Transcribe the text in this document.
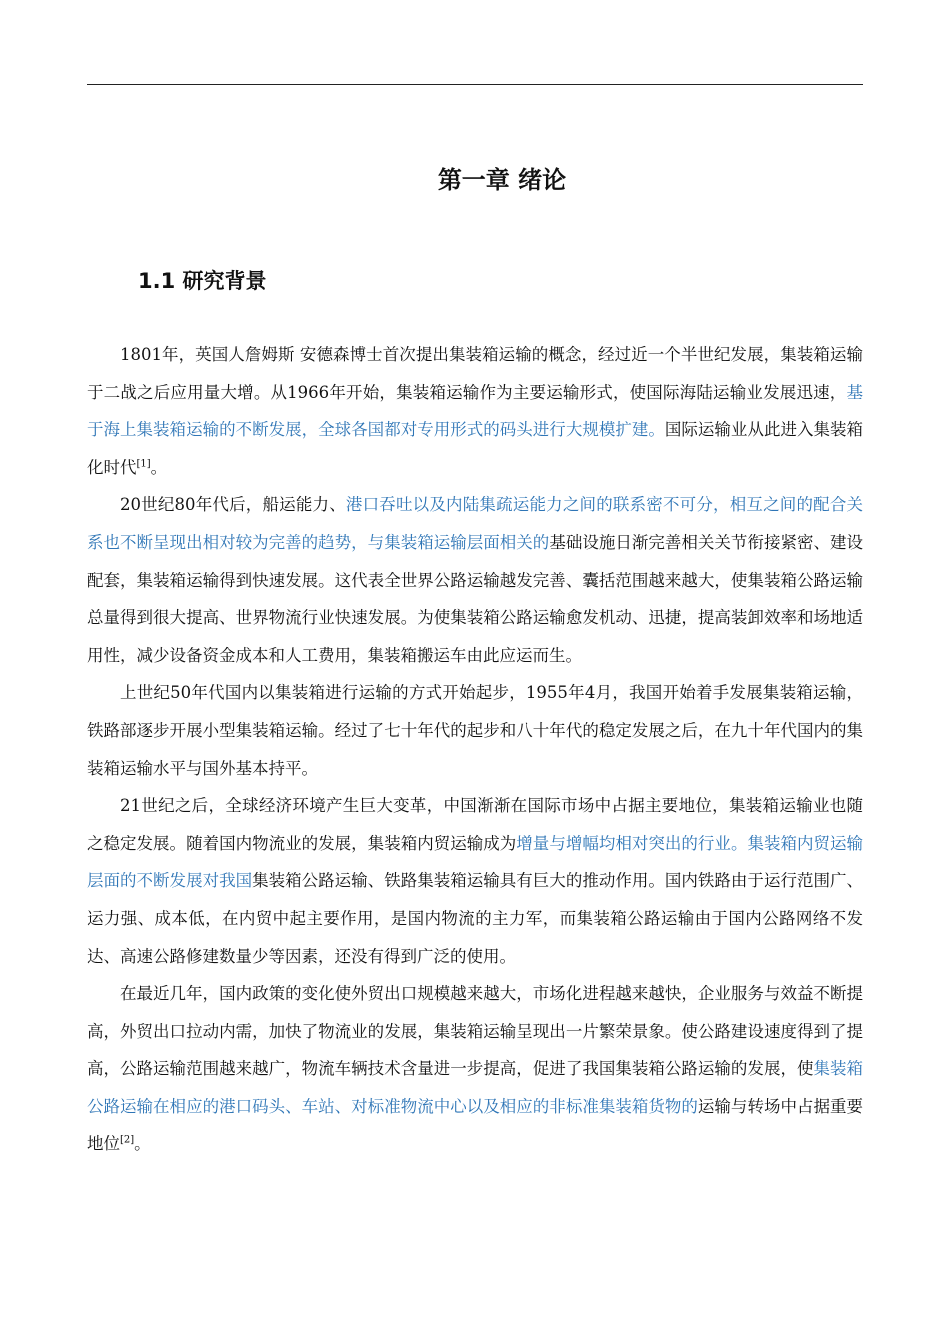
第一章 绪论
1.1 研究背景

1801年，英国人詹姆斯 安德森博士首次提出集装箱运输的概念，经过近一个半世纪发展，集装箱运输于二战之后应用量大增。从1966年开始，集装箱运输作为主要运输形式，使国际海陆运输业发展迅速，基于海上集装箱运输的不断发展，全球各国都对专用形式的码头进行大规模扩建。国际运输业从此进入集装箱化时代[1]。

20世纪80年代后，船运能力、港口吞吐以及内陆集疏运能力之间的联系密不可分，相互之间的配合关系也不断呈现出相对较为完善的趋势，与集装箱运输层面相关的基础设施日渐完善相关关节衔接紧密、建设配套，集装箱运输得到快速发展。这代表全世界公路运输越发完善、囊括范围越来越大，使集装箱公路运输总量得到很大提高、世界物流行业快速发展。为使集装箱公路运输愈发机动、迅捷，提高装卸效率和场地适用性，减少设备资金成本和人工费用，集装箱搬运车由此应运而生。

上世纪50年代国内以集装箱进行运输的方式开始起步，1955年4月，我国开始着手发展集装箱运输，铁路部逐步开展小型集装箱运输。经过了七十年代的起步和八十年代的稳定发展之后，在九十年代国内的集装箱运输水平与国外基本持平。

21世纪之后，全球经济环境产生巨大变革，中国渐渐在国际市场中占据主要地位，集装箱运输业也随之稳定发展。随着国内物流业的发展，集装箱内贸运输成为增量与增幅均相对突出的行业。集装箱内贸运输层面的不断发展对我国集装箱公路运输、铁路集装箱运输具有巨大的推动作用。国内铁路由于运行范围广、运力强、成本低，在内贸中起主要作用，是国内物流的主力军，而集装箱公路运输由于国内公路网络不发达、高速公路修建数量少等因素，还没有得到广泛的使用。

在最近几年，国内政策的变化使外贸出口规模越来越大，市场化进程越来越快，企业服务与效益不断提高，外贸出口拉动内需，加快了物流业的发展，集装箱运输呈现出一片繁荣景象。使公路建设速度得到了提高，公路运输范围越来越广，物流车辆技术含量进一步提高，促进了我国集装箱公路运输的发展，使集装箱公路运输在相应的港口码头、车站、对标准物流中心以及相应的非标准集装箱货物的运输与转场中占据重要地位[2]。
